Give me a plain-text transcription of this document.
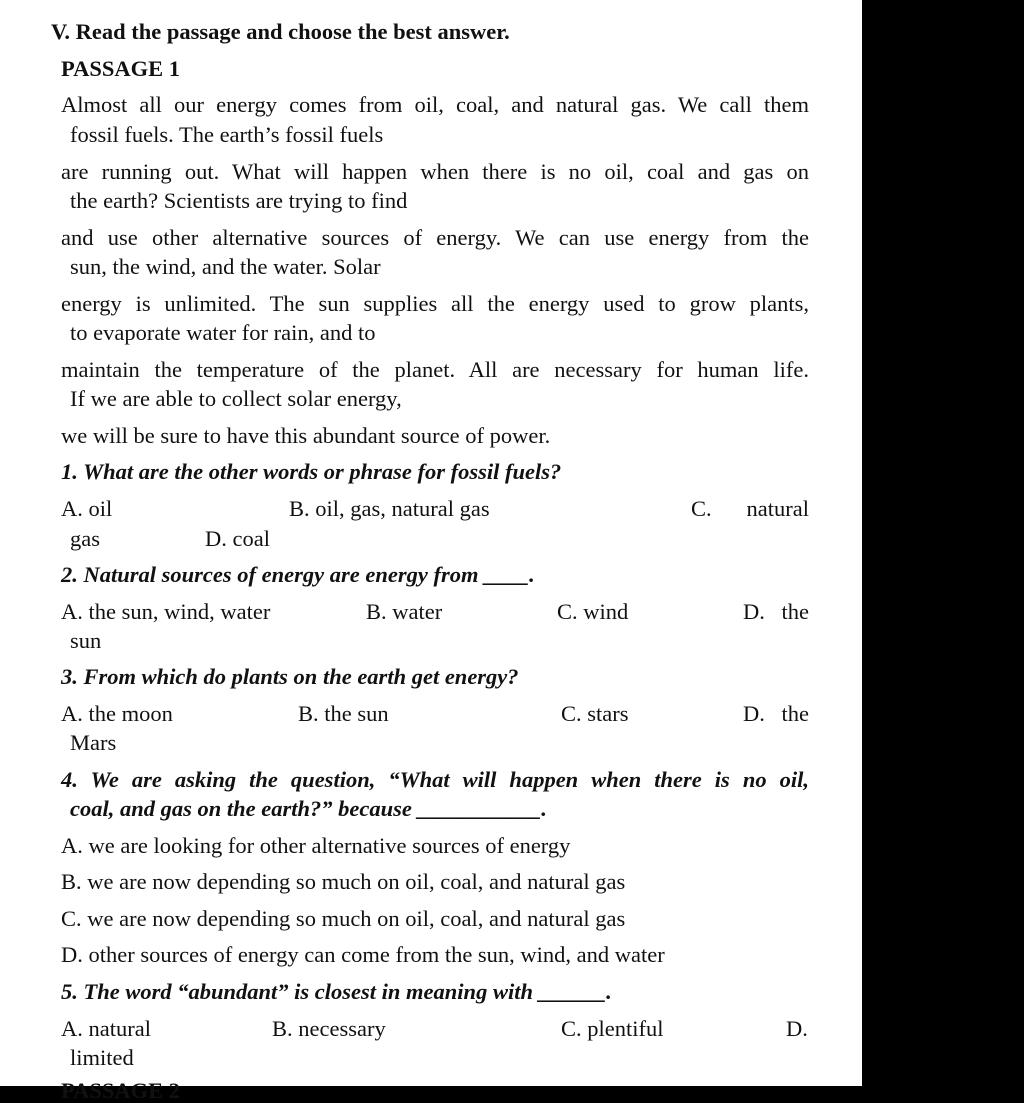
V. Read the passage and choose the best answer.
PASSAGE 1
Almost all our energy comes from oil, coal, and natural gas. We call them
fossil fuels. The earth’s fossil fuels
are running out. What will happen when there is no oil, coal and gas on
the earth? Scientists are trying to find
and use other alternative sources of energy. We can use energy from the
sun, the wind, and the water. Solar
energy is unlimited. The sun supplies all the energy used to grow plants,
to evaporate water for rain, and to
maintain the temperature of the planet. All are necessary for human life.
If we are able to collect solar energy,
we will be sure to have this abundant source of power.
1. What are the other words or phrase for fossil fuels?
A. oil	B. oil, gas, natural gas	C. natural
gas	D. coal
2. Natural sources of energy are energy from ____.
A. the sun, wind, water	B. water	C. wind	D. the
sun
3. From which do plants on the earth get energy?
A. the moon	B. the sun	C. stars	D. the
Mars
4. We are asking the question, “What will happen when there is no oil,
coal, and gas on the earth?” because ___________.
A. we are looking for other alternative sources of energy
B. we are now depending so much on oil, coal, and natural gas
C. we are now depending so much on oil, coal, and natural gas
D. other sources of energy can come from the sun, wind, and water
5. The word “abundant” is closest in meaning with ______.
A. natural	B. necessary	C. plentiful	D.
limited
PASSAGE 2
